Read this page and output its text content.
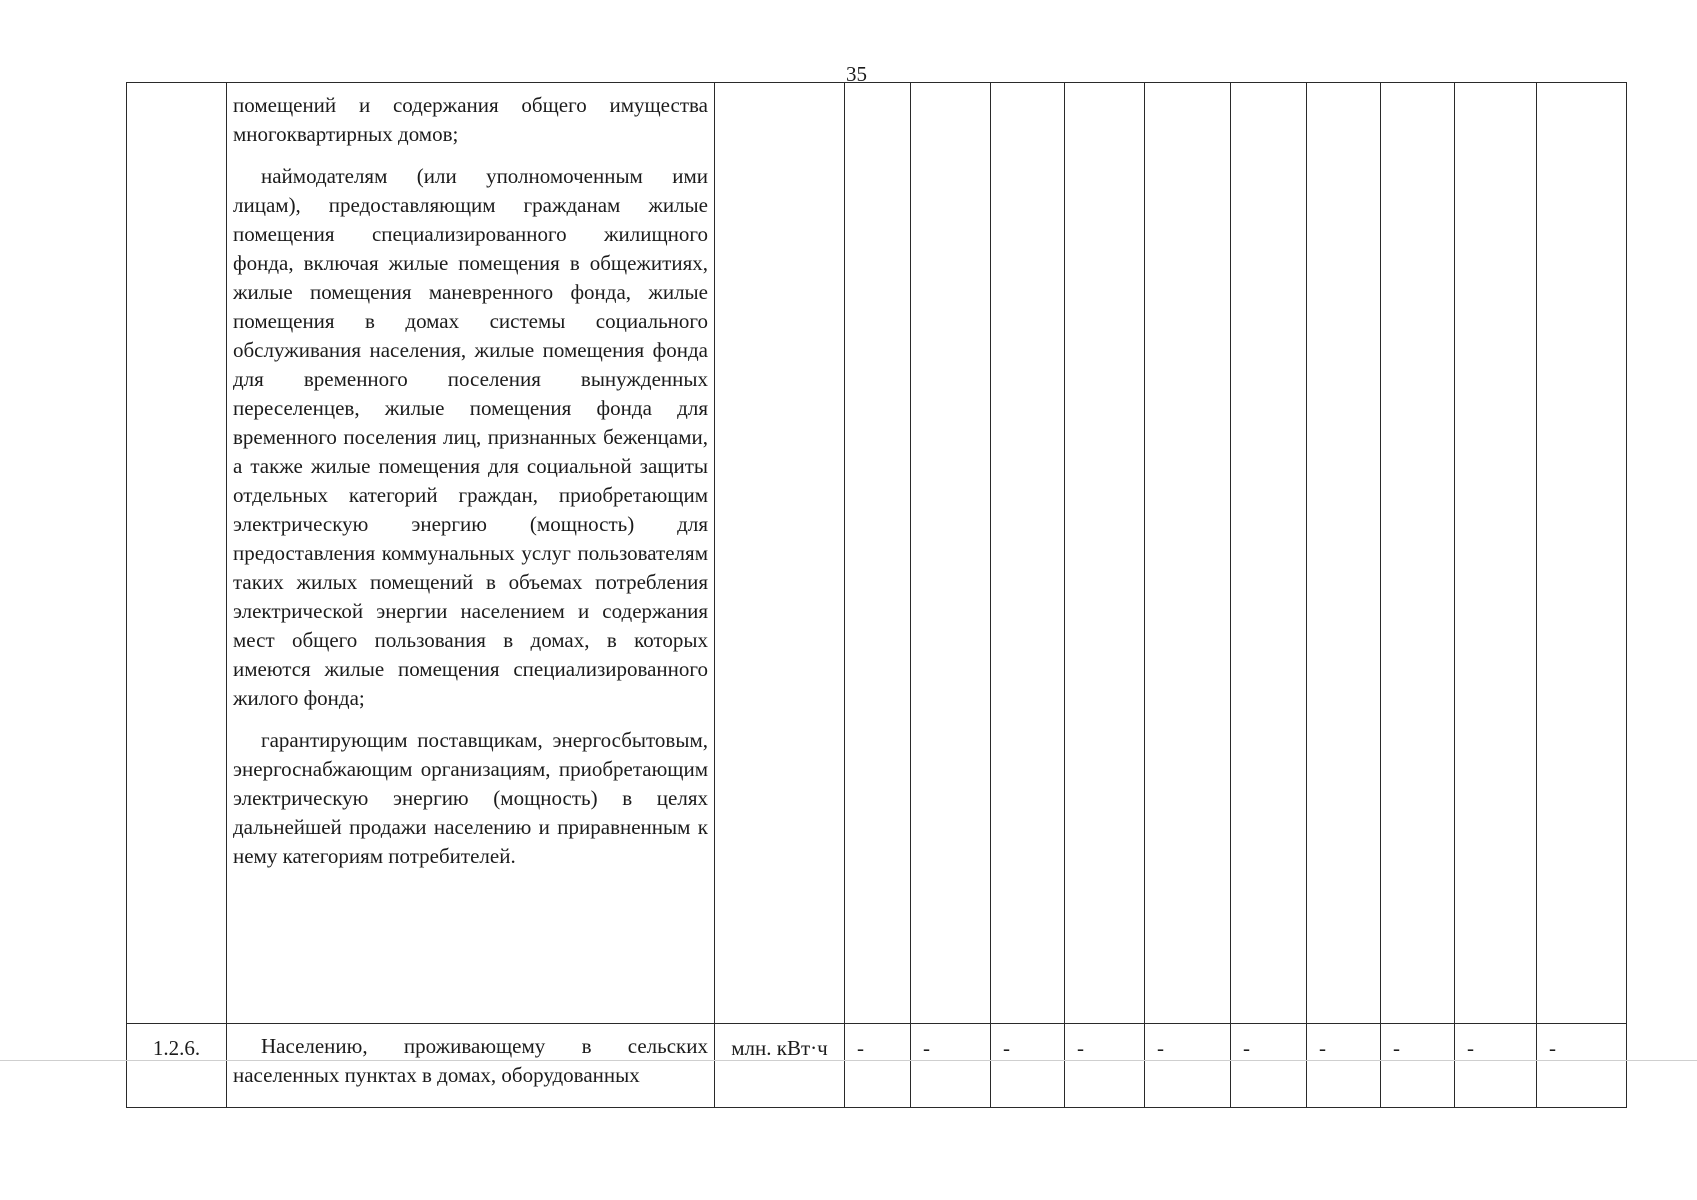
35

	помещений и содержания общего имущества многоквартирных домов;

наймодателям (или уполномоченным ими лицам), предоставляющим гражданам жилые помещения специализированного жилищного фонда, включая жилые помещения в общежитиях, жилые помещения маневренного фонда, жилые помещения в домах системы социального обслуживания населения, жилые помещения фонда для временного поселения вынужденных переселенцев, жилые помещения фонда для временного поселения лиц, признанных беженцами, а также жилые помещения для социальной защиты отдельных категорий граждан, приобретающим электрическую энергию (мощность) для предоставления коммунальных услуг пользователям таких жилых помещений в объемах потребления электрической энергии населением и содержания мест общего пользования в домах, в которых имеются жилые помещения специализированного жилого фонда;

гарантирующим поставщикам, энергосбытовым, энергоснабжающим организациям, приобретающим электрическую энергию (мощность) в целях дальнейшей продажи населению и приравненным к нему категориям потребителей.											

1.2.6.	Населению, проживающему в сельских населенных пунктах в домах, оборудованных	млн. кВт·ч	-	-	-	-	-	-	-	-	-	-
